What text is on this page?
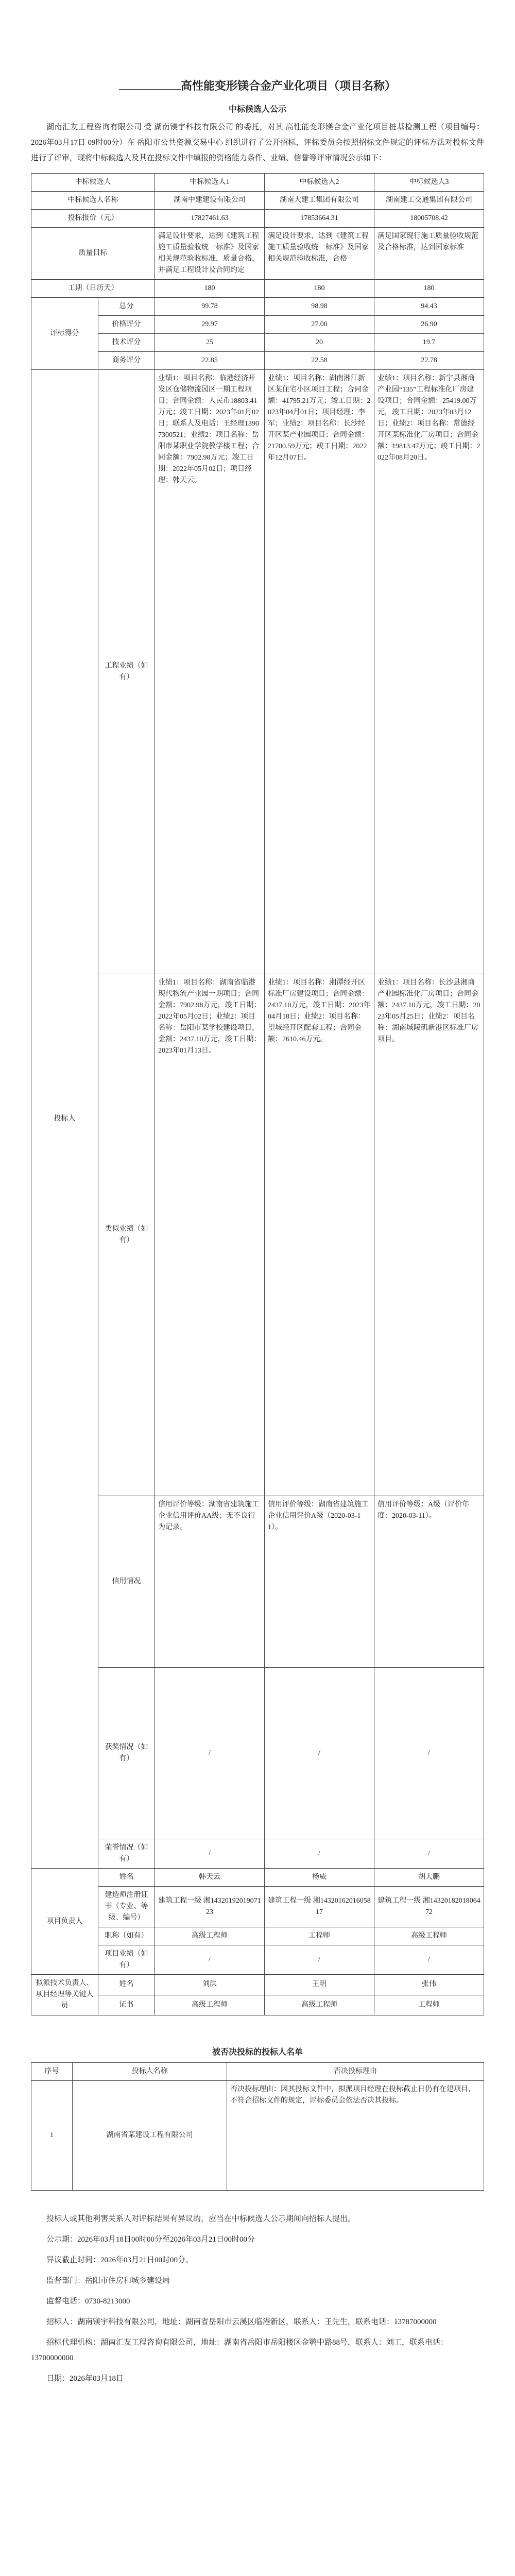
高性能变形镁合金产业化项目（项目名称）
中标候选人公示

湖南汇友工程咨询有限公司 受 湖南镁宇科技有限公司 的委托，对其 高性能变形镁合金产业化项目桩基检测工程（项目编号：2026年03月17日 09时00分）在 岳阳市公共资源交易中心 组织进行了公开招标，评标委员会按照招标文件规定的评标方法对投标文件进行了评审，现将中标候选人及其在投标文件中填报的资格能力条件、业绩、信誉等评审情况公示如下：

中标候选人		中标候选人1	中标候选人2	中标候选人3
中标候选人名称		湖南中建建设有限公司	湖南大建工集团有限公司	湖南建工交通集团有限公司
投标报价（元）		17827461.63	17853664.31	18005708.42
质量目标		满足设计要求，达到《建筑工程施工质量验收统一标准》及国家相关规范验收标准，质量合格，并满足工程设计及合同约定	满足设计要求，达到《建筑工程施工质量验收统一标准》及国家相关规范验收标准，合格	满足国家现行施工质量验收规范及合格标准，达到国家标准
工期（日历天）		180	180	180
评标得分	总分	99.78	98.98	94.43
	价格评分	29.97	27.00	26.90
	技术评分	25	20	19.7
	商务评分	22.85	22.58	22.78
投标人	工程业绩（如有）	业绩1：项目名称：临港经济开发区仓储物流园区一期工程项目；合同金额：人民币18803.41万元；竣工日期：2023年01月02日；联系人及电话：王经理13907300521；业绩2：项目名称：岳阳市某职业学院教学楼工程；合同金额：7902.98万元；竣工日期：2022年05月02日；项目经理：韩天云。	业绩1：项目名称：湖南湘江新区某住宅小区项目工程；合同金额：41795.21万元；竣工日期：2023年04月01日；项目经理：李军；业绩2：项目名称：长沙经开区某产业园项目；合同金额：21700.59万元；竣工日期：2022年12月07日。	业绩1：项目名称：新宁县湘商产业园“135”工程标准化厂房建设项目；合同金额：25419.00万元，竣工日期：2023年03月12日；业绩2：项目名称：常德经开区某标准化厂房项目；合同金额：19813.47万元；竣工日期：2022年08月20日。
	类似业绩（如有）	业绩1：项目名称：湖南省临港现代物流产业园一期项目；合同金额：7902.98万元，竣工日期：2022年05月02日；业绩2：项目名称：岳阳市某学校建设项目，金额：2437.10万元，竣工日期：2023年01月13日。	业绩1：项目名称：湘潭经开区标准厂房建设项目；合同金额：2437.10万元，竣工日期：2023年04月18日；业绩2：项目名称：望城经开区配套工程；合同金额：2610.46万元。	业绩1：项目名称：长沙县湘商产业园标准化厂房项目；合同金额：2437.10万元，竣工日期：2023年05月25日；业绩2：项目名称：湖南城陵矶新港区标准厂房项目。
	信用情况	信用评价等级：湖南省建筑施工企业信用评价AA级；无不良行为记录。	信用评价等级：湖南省建筑施工企业信用评价A级（2020-03-11）。	信用评价等级：A级（评价年度：2020-03-11）。
	获奖情况（如有）	/	/	/
	荣誉情况（如有）	/	/	/
项目负责人	姓名	韩天云	杨威	胡大鹏
	建造师注册证书（专业、等级、编号）	建筑工程一级 湘1432019201907123	建筑工程一级 湘1432016201605817	建筑工程一级 湘1432018201806472
	职称（如有）	高级工程师	工程师	高级工程师
	项目业绩（如有）	/	/	/
拟派技术负责人、项目经理等关键人员	姓名	刘洪	王明	张伟
	证书	高级工程师	高级工程师	工程师
被否决投标的投标人名单
序号	投标人名称	否决投标理由
1	湖南省某建设工程有限公司	否决投标理由：因其投标文件中，拟派项目经理在投标截止日仍有在建项目，不符合招标文件的规定，评标委员会依法否决其投标。

投标人或其他利害关系人对评标结果有异议的，应当在中标候选人公示期间向招标人提出。

公示期：2026年03月18日00时00分至2026年03月21日00时00分

异议截止时间：2026年03月21日00时00分。

监督部门：岳阳市住房和城乡建设局

监督电话：0730-8213000

招标人：湖南镁宇科技有限公司，地址：湖南省岳阳市云溪区临港新区，联系人：王先生，联系电话：13787000000

招标代理机构：湖南汇友工程咨询有限公司，地址：湖南省岳阳市岳阳楼区金鹗中路88号，联系人：刘工，联系电话：13700000000

日期：2026年03月18日
